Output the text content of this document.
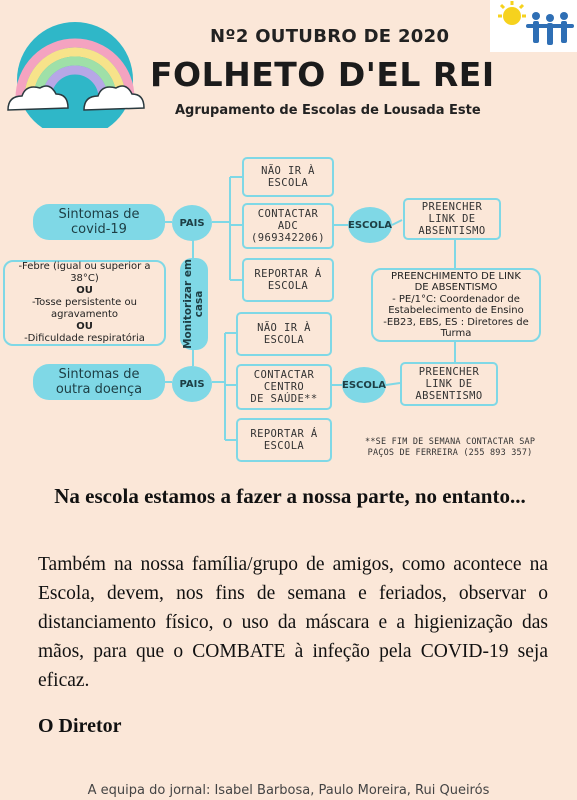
Nº2 OUTUBRO DE 2020
FOLHETO D'EL REI
Agrupamento de Escolas de Lousada Este
Sintomas de
covid-19	PAIS
NÃO IR À
ESCOLA
CONTACTAR
ADC
(969342206)
REPORTAR Á
ESCOLA
ESCOLA
PREENCHER
LINK DE
ABSENTISMO
-Febre (igual ou superior a
38°C)
OU
-Tosse persistente ou
agravamento
OU
-Dificuldade respiratória	Monitorizar em casa
PREENCHIMENTO DE LINK
DE ABSENTISMO
- PE/1°C: Coordenador de
Estabelecimento de Ensino
-EB23, EBS, ES : Diretores de
Turma
Sintomas de
outra doença	PAIS
NÃO IR À
ESCOLA
CONTACTAR
CENTRO
DE SAÚDE**
REPORTAR Á
ESCOLA
ESCOLA
PREENCHER
LINK DE
ABSENTISMO
**SE FIM DE SEMANA CONTACTAR SAP
PAÇOS DE FERREIRA (255 893 357)
Na escola estamos a fazer a nossa parte, no entanto...
Também na nossa família/grupo de amigos, como acontece na Escola, devem, nos fins de semana e feriados, observar o distanciamento físico, o uso da máscara e a higienização das mãos, para que o COMBATE à infeção pela COVID-19 seja eficaz.
O Diretor
A equipa do jornal: Isabel Barbosa, Paulo Moreira, Rui Queirós
